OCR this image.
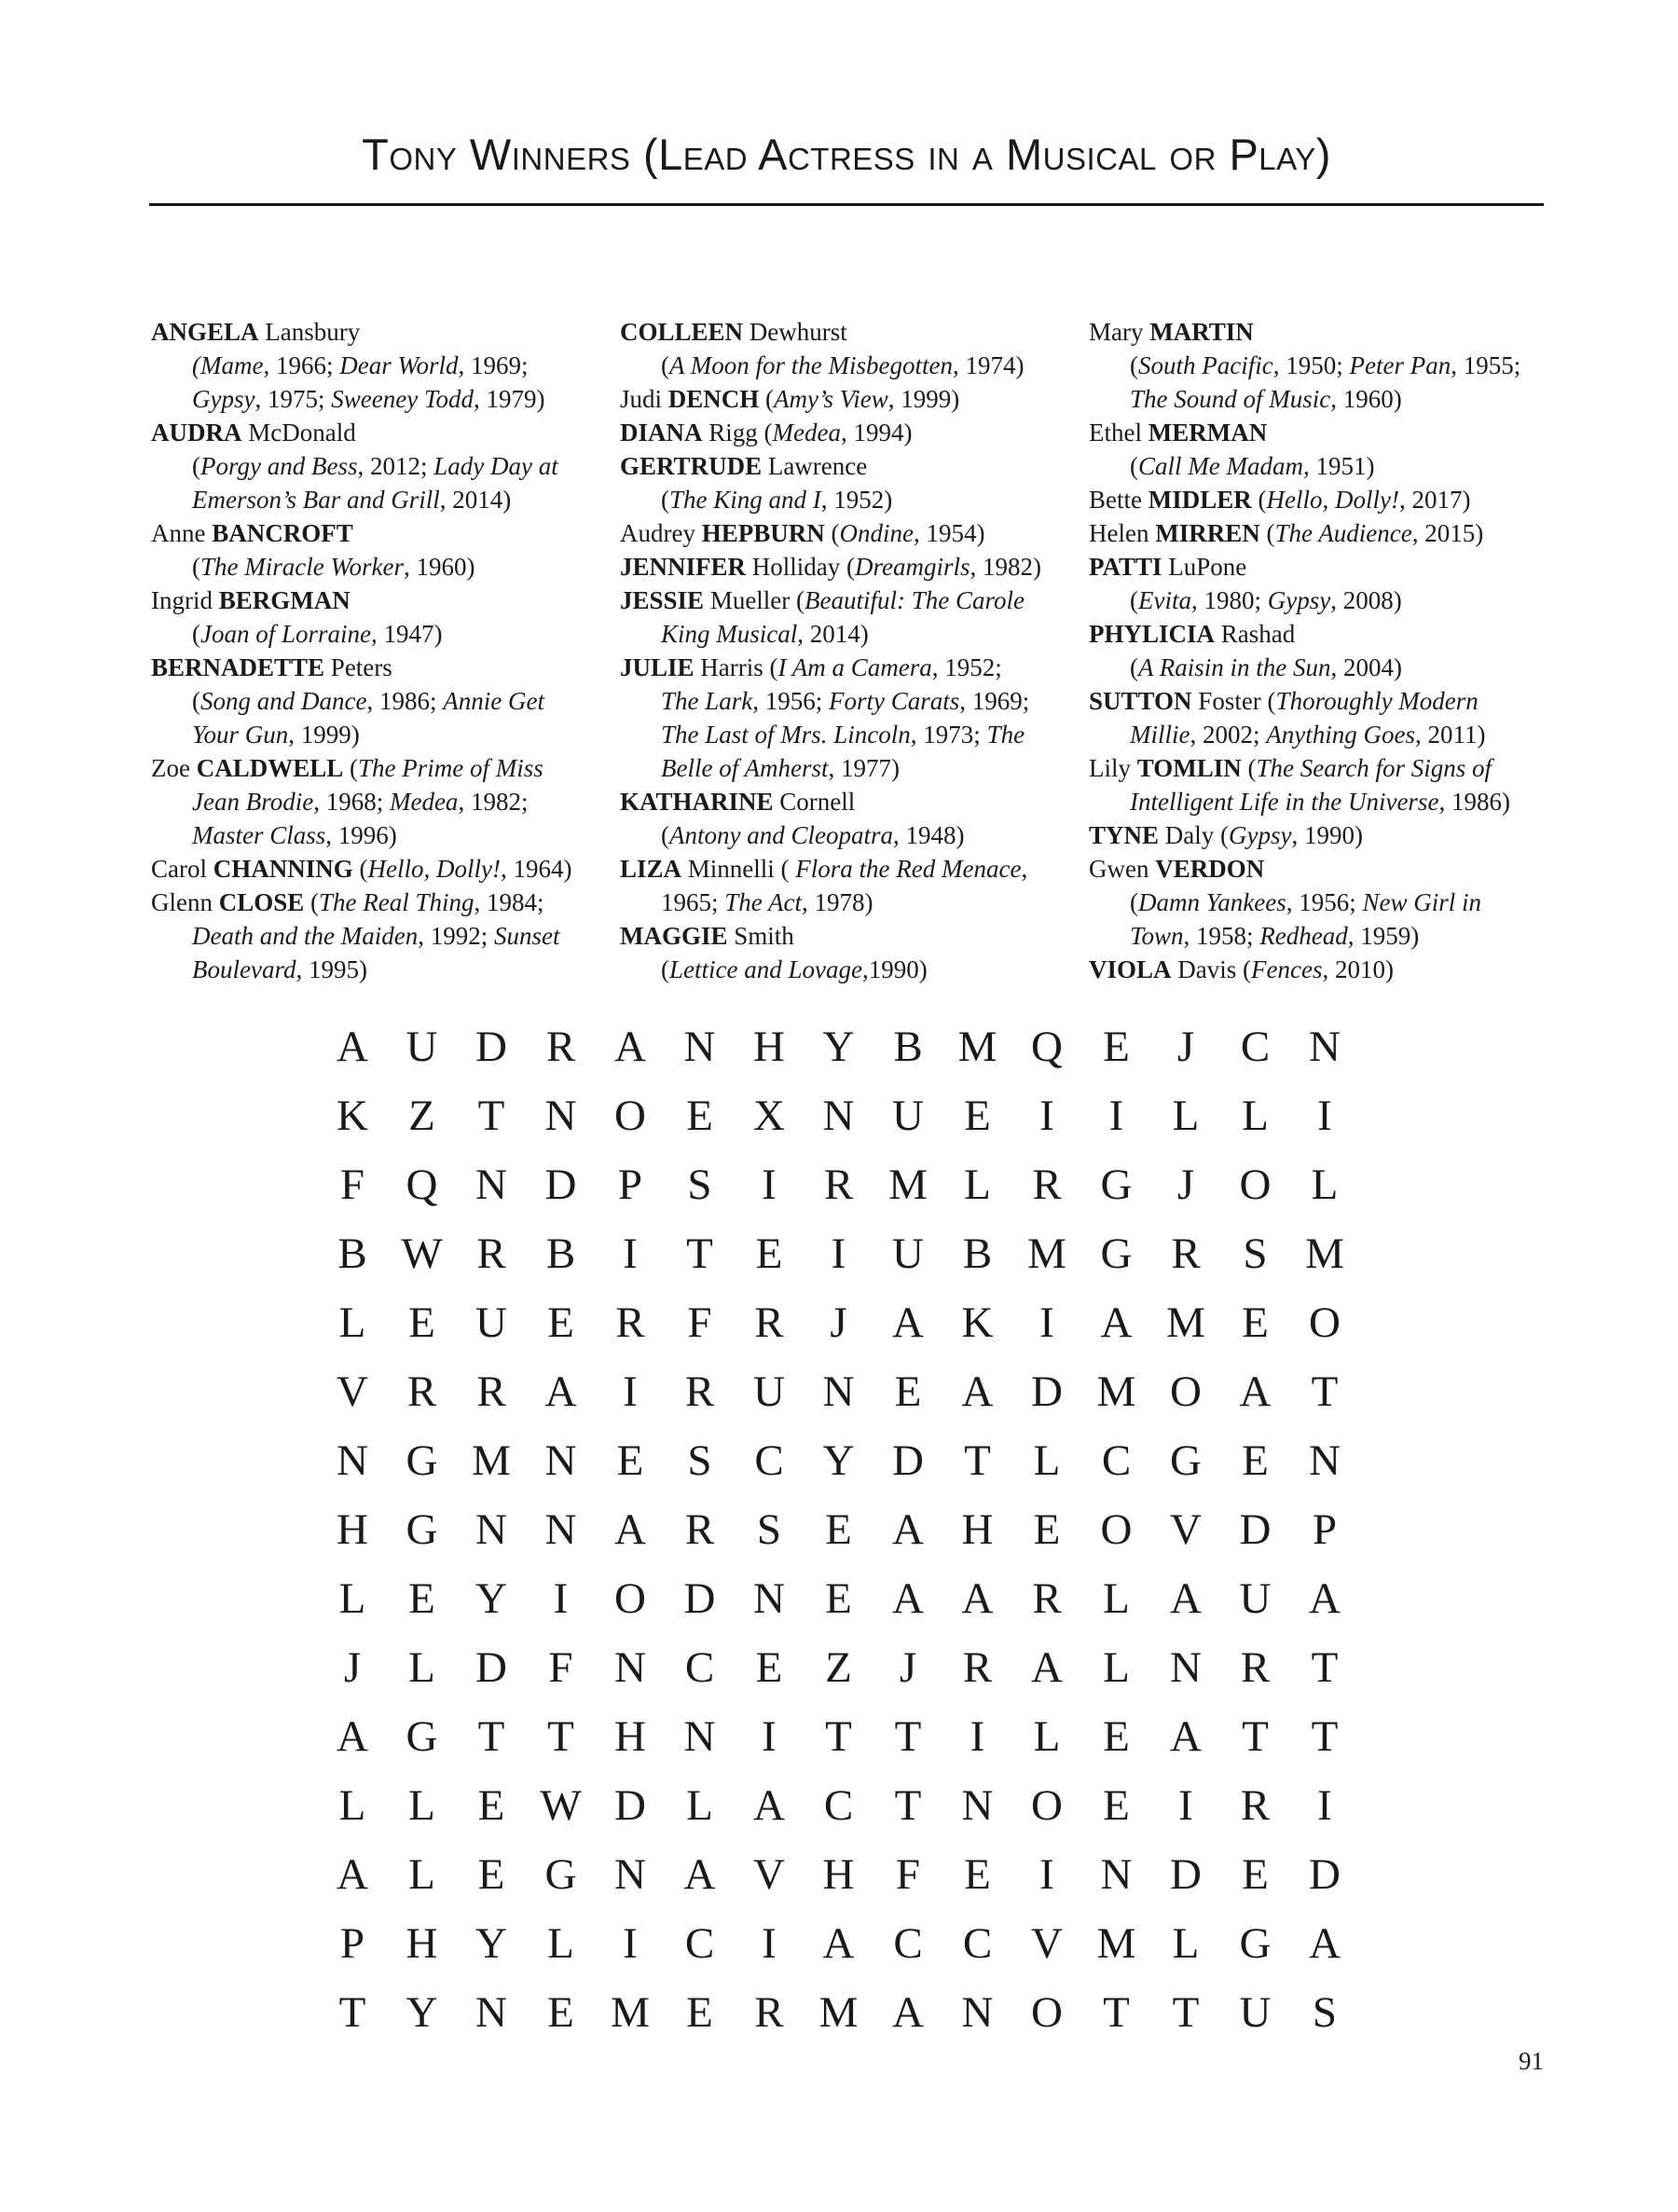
Tony Winners (Lead Actress in a Musical or Play)
ANGELA Lansbury
(Mame, 1966; Dear World, 1969;
Gypsy, 1975; Sweeney Todd, 1979)
AUDRA McDonald
(Porgy and Bess, 2012; Lady Day at
Emerson’s Bar and Grill, 2014)
Anne BANCROFT
(The Miracle Worker, 1960)
Ingrid BERGMAN
(Joan of Lorraine, 1947)
BERNADETTE Peters
(Song and Dance, 1986; Annie Get
Your Gun, 1999)
Zoe CALDWELL (The Prime of Miss
Jean Brodie, 1968; Medea, 1982;
Master Class, 1996)
Carol CHANNING (Hello, Dolly!, 1964)
Glenn CLOSE (The Real Thing, 1984;
Death and the Maiden, 1992; Sunset
Boulevard, 1995)
COLLEEN Dewhurst
(A Moon for the Misbegotten, 1974)
Judi DENCH (Amy’s View, 1999)
DIANA Rigg (Medea, 1994)
GERTRUDE Lawrence
(The King and I, 1952)
Audrey HEPBURN (Ondine, 1954)
JENNIFER Holliday (Dreamgirls, 1982)
JESSIE Mueller (Beautiful: The Carole
King Musical, 2014)
JULIE Harris (I Am a Camera, 1952;
The Lark, 1956; Forty Carats, 1969;
The Last of Mrs. Lincoln, 1973; The
Belle of Amherst, 1977)
KATHARINE Cornell
(Antony and Cleopatra, 1948)
LIZA Minnelli ( Flora the Red Menace,
1965; The Act, 1978)
MAGGIE Smith
(Lettice and Lovage,1990)
Mary MARTIN
(South Pacific, 1950; Peter Pan, 1955;
The Sound of Music, 1960)
Ethel MERMAN
(Call Me Madam, 1951)
Bette MIDLER (Hello, Dolly!, 2017)
Helen MIRREN (The Audience, 2015)
PATTI LuPone
(Evita, 1980; Gypsy, 2008)
PHYLICIA Rashad
(A Raisin in the Sun, 2004)
SUTTON Foster (Thoroughly Modern
Millie, 2002; Anything Goes, 2011)
Lily TOMLIN (The Search for Signs of
Intelligent Life in the Universe, 1986)
TYNE Daly (Gypsy, 1990)
Gwen VERDON
(Damn Yankees, 1956; New Girl in
Town, 1958; Redhead, 1959)
VIOLA Davis (Fences, 2010)
A U D R A N H Y B M Q E	J	C N
K Z T N O E X N U E	I	I	L L	I
F Q N D P	S	I	R M L R G	J	O L
B W R B	I	T E	I	U B M G R S M
L E U E R F R	J	A K	I	A M E O
V R R A	I	R U N E A D M O A T
N G M N E	S C Y D T L C G E N
H G N N A R S	E A H E O V D P
L E Y	I	O D N E A A R L A U A
J	L D F N C E Z	J	R A L N R T
A G T T H N	I	T T	I	L E A T T
L L E W D L A C T N O E	I	R	I
A L E G N A V H F	E	I	N D E D
P H Y L	I	C	I	A C C V M L G A
T Y N E M E R M A N O T T U S
91
